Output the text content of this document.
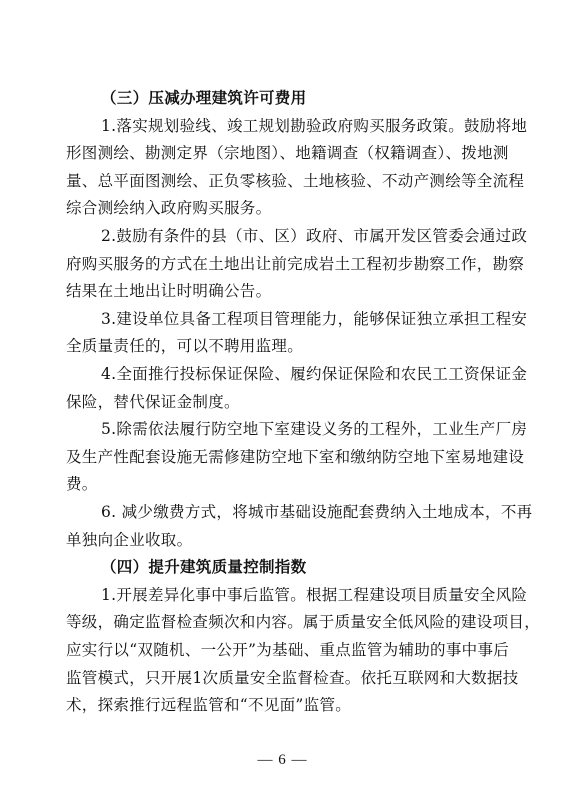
— 6 —
（三）压减办理建筑许可费用
1.落实规划验线、竣工规划勘验政府购买服务政策。鼓励将地
形图测绘、勘测定界（宗地图）、地籍调查（权籍调查）、拨地测
量、总平面图测绘、正负零核验、土地核验、不动产测绘等全流程
综合测绘纳入政府购买服务。
2.鼓励有条件的县（市、区）政府、市属开发区管委会通过政
府购买服务的方式在土地出让前完成岩土工程初步勘察工作，勘察
结果在土地出让时明确公告。
3.建设单位具备工程项目管理能力，能够保证独立承担工程安
全质量责任的，可以不聘用监理。
4.全面推行投标保证保险、履约保证保险和农民工工资保证金
保险，替代保证金制度。
5.除需依法履行防空地下室建设义务的工程外，工业生产厂房
及生产性配套设施无需修建防空地下室和缴纳防空地下室易地建设
费。
6. 减少缴费方式，将城市基础设施配套费纳入土地成本，不再
单独向企业收取。
（四）提升建筑质量控制指数
1.开展差异化事中事后监管。根据工程建设项目质量安全风险
等级，确定监督检查频次和内容。属于质量安全低风险的建设项目，
应实行以“双随机、一公开”为基础、重点监管为辅助的事中事后
监管模式，只开展1次质量安全监督检查。依托互联网和大数据技
术，探索推行远程监管和“不见面”监管。
